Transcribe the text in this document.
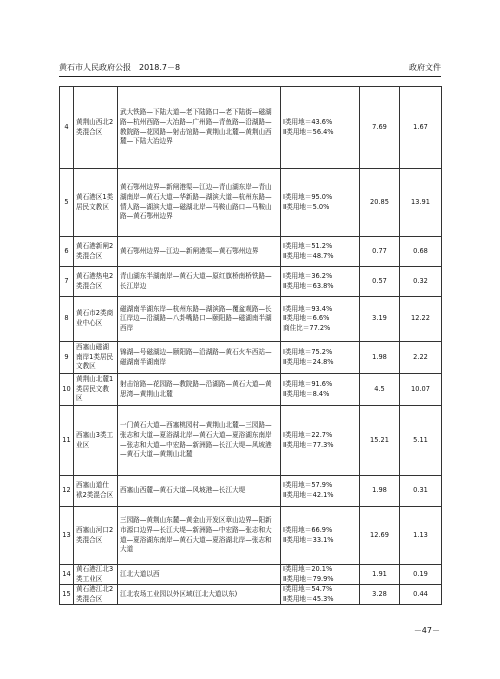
黄石市人民政府公报　2018.7－8	政府文件
4	黄荆山西北2类混合区	武大铁路—下陆大道—老下陆路口—老下陆街—磁湖路—杭州西路—大冶路—广州路—青鱼路—沿湖路—教院路—花园路—射击馆路—黄荆山北麓—黄荆山西麓—下陆大冶边界	Ⅰ类用地＝43.6%
Ⅱ类用地＝56.4%	7.69	1.67
5	黄石港区1类居民文教区	黄石鄂州边界—新闸港渠—江边—青山湖东岸—青山湖南岸—黄石大道—华新路—湖滨大道—杭州东路—情人路—湖滨大道—磁湖北岸—马鞍山路口—马鞍山路—黄石鄂州边界	Ⅰ类用地＝95.0%
Ⅱ类用地＝5.0%	20.85	13.91
6	黄石港新闸2类混合区	黄石鄂州边界—江边—新闸港渠—黄石鄂州边界	Ⅰ类用地＝51.2%
Ⅱ类用地＝48.7%	0.77	0.68
7	黄石港热电2类混合区	青山湖东半湖南岸—黄石大道—原红旗桥南桥铁路—长江岸边	Ⅰ类用地＝36.2%
Ⅱ类用地＝63.8%	0.57	0.32
8	黄石市2类商业中心区	磁湖南半湖东岸—杭州东路—湖滨路—覆盆观路—长江岸边—沿湖路—八卦嘴路口—颐阳路—磁湖南半湖西岸	Ⅰ类用地＝93.4%
Ⅱ类用地＝6.6%
商住比＝77.2%	3.19	12.22
9	西塞山磁湖南岸1类居民文教区	锦湖—号磁湖边—颐阳路—沿湖路—黄石火车西站—磁湖南半湖南岸	Ⅰ类用地＝75.2%
Ⅱ类用地＝24.8%	1.98	2.22
10	黄荆山北麓1类居民文教区	射击馆路—花园路—教院路—沿湖路—黄石大道—黄思湾—黄荆山北麓	Ⅰ类用地＝91.6%
Ⅱ类用地＝8.4%	4.5	10.07
11	西塞山3类工业区	一门黄石大道—西塞桃园村—黄荆山北麓—三园路—张志和大道—夏浴湖北岸—黄石大道—夏浴湖东南岸—张志和大道—中宏路—新洲路—长江大堤—风坡港—黄石大道—黄荆山北麓	Ⅰ类用地＝22.7%
Ⅱ类用地＝77.3%	15.21	5.11
12	西塞山道仕袱2类混合区	西塞山西麓—黄石大道—风坡港—长江大堤	Ⅰ类用地＝57.9%
Ⅱ类用地＝42.1%	1.98	0.31
13	西塞山河口2类混合区	三园路—黄荆山东麓—黄金山开发区章山边界—阳新市源口边界—长江大堤—新洲路—中宏路—张志和大道—夏浴湖东南岸—黄石大道—夏浴湖北岸—张志和大道	Ⅰ类用地＝66.9%
Ⅱ类用地＝33.1%	12.69	1.13
14	黄石港江北3类工业区	江北大道以西	Ⅰ类用地＝20.1%
Ⅱ类用地＝79.9%	1.91	0.19
15	黄石港江北2类混合区	江北农场工业园以外区域(江北大道以东)	Ⅰ类用地＝54.7%
Ⅱ类用地＝45.3%	3.28	0.44
－47－
